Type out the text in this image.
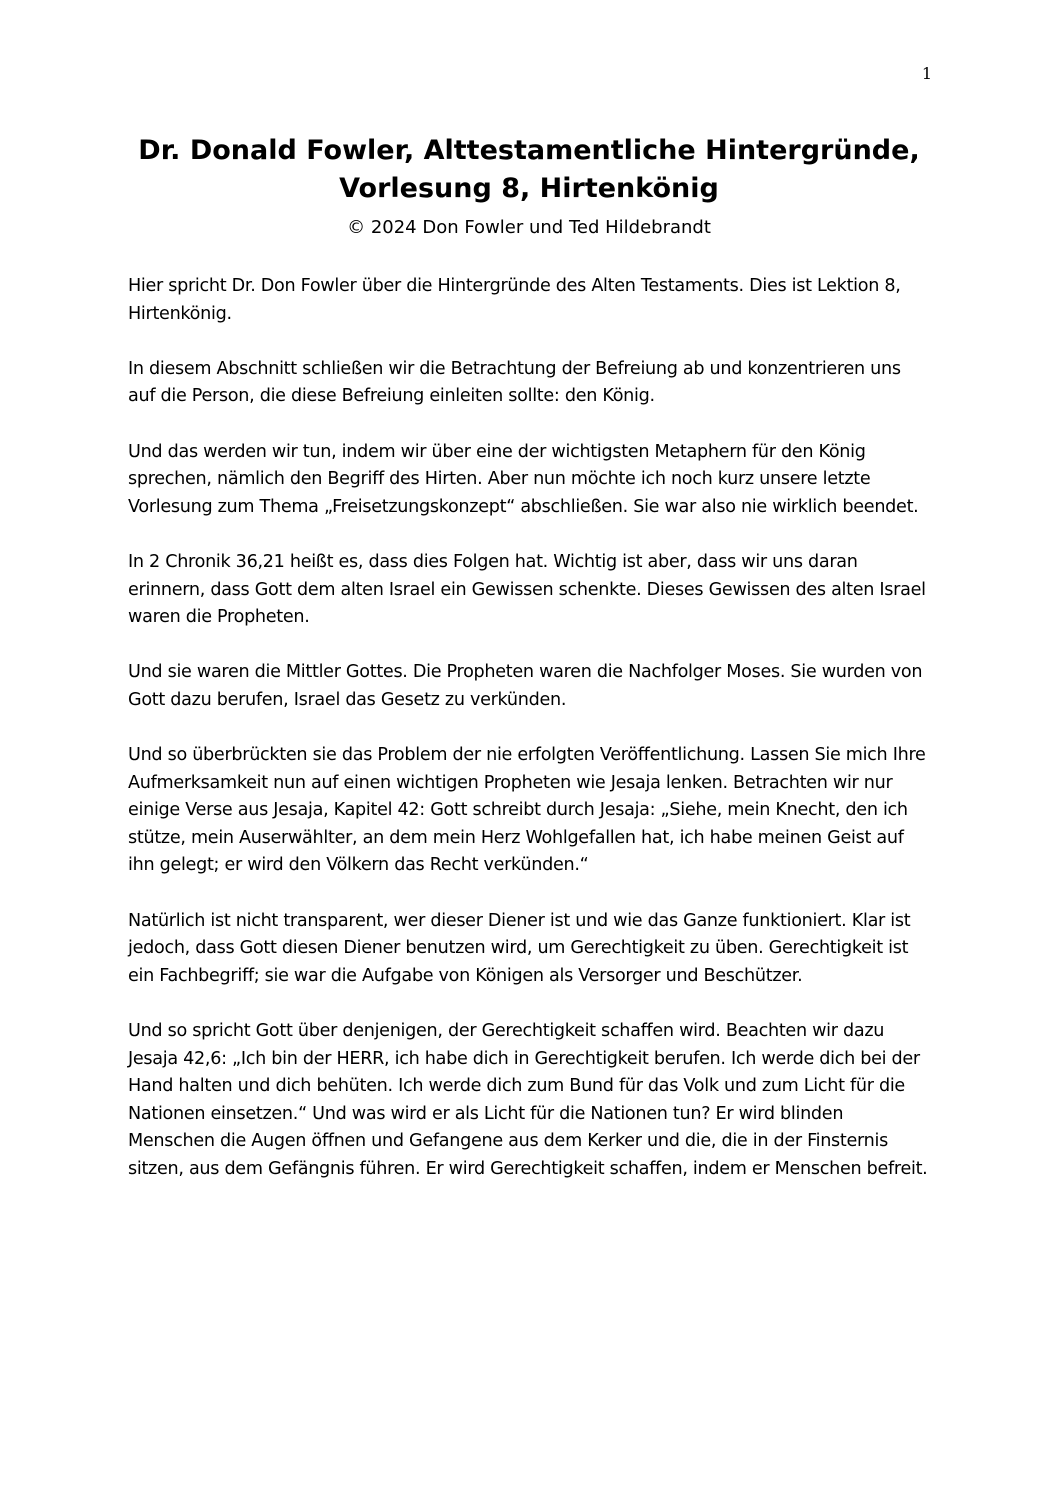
1
Dr. Donald Fowler, Alttestamentliche Hintergründe, Vorlesung 8, Hirtenkönig
© 2024 Don Fowler und Ted Hildebrandt

Hier spricht Dr. Don Fowler über die Hintergründe des Alten Testaments. Dies ist Lektion 8, Hirtenkönig.

In diesem Abschnitt schließen wir die Betrachtung der Befreiung ab und konzentrieren uns auf die Person, die diese Befreiung einleiten sollte: den König.

Und das werden wir tun, indem wir über eine der wichtigsten Metaphern für den König sprechen, nämlich den Begriff des Hirten. Aber nun möchte ich noch kurz unsere letzte Vorlesung zum Thema „Freisetzungskonzept“ abschließen. Sie war also nie wirklich beendet.

In 2 Chronik 36,21 heißt es, dass dies Folgen hat. Wichtig ist aber, dass wir uns daran erinnern, dass Gott dem alten Israel ein Gewissen schenkte. Dieses Gewissen des alten Israel waren die Propheten.

Und sie waren die Mittler Gottes. Die Propheten waren die Nachfolger Moses. Sie wurden von Gott dazu berufen, Israel das Gesetz zu verkünden.

Und so überbrückten sie das Problem der nie erfolgten Veröffentlichung. Lassen Sie mich Ihre Aufmerksamkeit nun auf einen wichtigen Propheten wie Jesaja lenken. Betrachten wir nur einige Verse aus Jesaja, Kapitel 42: Gott schreibt durch Jesaja: „Siehe, mein Knecht, den ich stütze, mein Auserwählter, an dem mein Herz Wohlgefallen hat, ich habe meinen Geist auf ihn gelegt; er wird den Völkern das Recht verkünden.“

Natürlich ist nicht transparent, wer dieser Diener ist und wie das Ganze funktioniert. Klar ist jedoch, dass Gott diesen Diener benutzen wird, um Gerechtigkeit zu üben. Gerechtigkeit ist ein Fachbegriff; sie war die Aufgabe von Königen als Versorger und Beschützer.

Und so spricht Gott über denjenigen, der Gerechtigkeit schaffen wird. Beachten wir dazu Jesaja 42,6: „Ich bin der HERR, ich habe dich in Gerechtigkeit berufen. Ich werde dich bei der Hand halten und dich behüten. Ich werde dich zum Bund für das Volk und zum Licht für die Nationen einsetzen.“ Und was wird er als Licht für die Nationen tun? Er wird blinden Menschen die Augen öffnen und Gefangene aus dem Kerker und die, die in der Finsternis sitzen, aus dem Gefängnis führen. Er wird Gerechtigkeit schaffen, indem er Menschen befreit.
